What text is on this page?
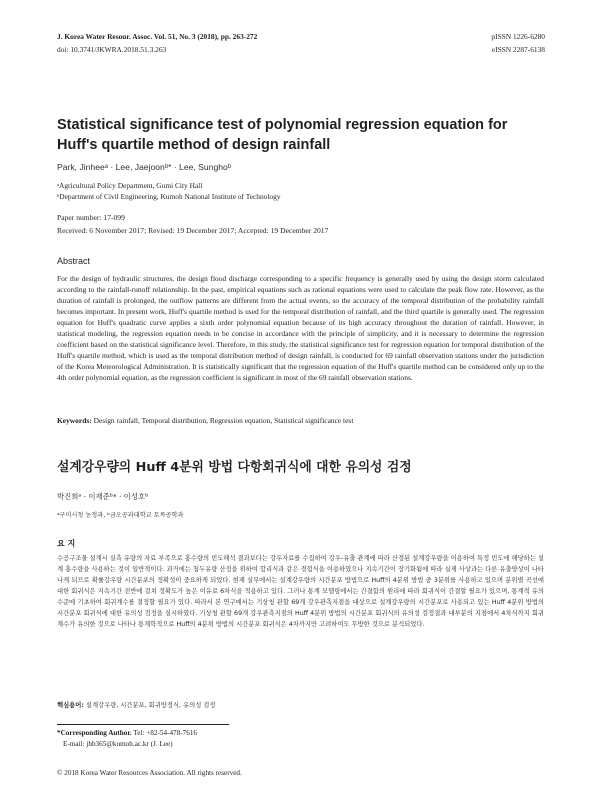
J. Korea Water Resour. Assoc. Vol. 51, No. 3 (2018), pp. 263-272	pISSN 1226-6280
doi: 10.3741/JKWRA.2018.51.3.263	eISSN 2287-6138
Statistical significance test of polynomial regression equation for Huff's quartile method of design rainfall
Park, Jinheeᵃ · Lee, Jaejoonᵇ* · Lee, Sunghoᵇ
ᵃAgricultural Policy Department, Gumi City Hall
ᵇDepartment of Civil Engineering, Kumoh National Institute of Technology
Paper number: 17-099
Received: 6 November 2017; Revised: 19 December 2017; Accepted: 19 December 2017
Abstract
For the design of hydraulic structures, the design flood discharge corresponding to a specific frequency is generally used by using the design storm calculated according to the rainfall-runoff relationship. In the past, empirical equations such as rational equations were used to calculate the peak flow rate. However, as the duration of rainfall is prolonged, the outflow patterns are different from the actual events, so the accuracy of the temporal distribution of the probability rainfall becomes important. In present work, Huff's quartile method is used for the temporal distribution of rainfall, and the third quartile is generally used. The regression equation for Huff's quadratic curve applies a sixth order polynomial equation because of its high accuracy throughout the duration of rainfall. However, in statistical modeling, the regression equation needs to be concise in accordance with the principle of simplicity, and it is necessary to determine the regression coefficient based on the statistical significance level. Therefore, in this study, the statistical significance test for regression equation for temporal distribution of the Huff's quartile method, which is used as the temporal distribution method of design rainfall, is conducted for 69 rainfall observation stations under the jurisdiction of the Korea Meteorological Administration. It is statistically significant that the regression equation of the Huff's quartile method can be considered only up to the 4th order polynomial equation, as the regression coefficient is significant in most of the 69 rainfall observation stations.
Keywords: Design rainfall, Temporal distribution, Regression equation, Statistical significance test
설계강우량의 Huff 4분위 방법 다항회귀식에 대한 유의성 검정
박진희ᵃ · 이재준ᵇ* · 이성호ᵇ
ᵃ구미시청 농정과, ᵇ금오공과대학교 토목공학과
요 지
수공구조물 설계시 실측 유량의 자료 부족으로 홍수량의 빈도해석 결과보다는 강우자료를 수집하여 강우-유출 관계에 따라 산정된 설계강우량을 이용하여 특정 빈도에 해당하는 설계 홍수량을 사용하는 것이 일반적이다. 과거에는 첨두유량 산정을 위하여 합리식과 같은 경험식을 이용하였으나 지속기간이 장기화됨에 따라 실제 사상과는 다른 유출양상이 나타나게 되므로 확률강우량 시간분포의 정확성이 중요하게 되었다. 현재 실무에서는 설계강우량의 시간분포 방법으로 Huff의 4분위 방법 중 3분위를 사용하고 있으며 분위별 곡선에 대한 회귀식은 지속기간 전반에 걸쳐 정확도가 높은 이유로 6차식을 적용하고 있다. 그러나 통계 모델링에서는 간결함의 원리에 따라 회귀식이 간결할 필요가 있으며, 통계적 유의수준에 기초하여 회귀계수를 결정할 필요가 있다. 따라서 본 연구에서는 기상청 관할 69개 강우관측지점을 대상으로 설계강우량의 시간분포로 사용되고 있는 Huff 4분위 방법의 시간분포 회귀식에 대한 유의성 검정을 실시하였다. 기상청 관할 69개 강우관측지점의 Huff 4분위 방법의 시간분포 회귀식의 유의성 검정결과 대부분의 지점에서 4차식까지 회귀계수가 유의한 것으로 나타나 통계학적으로 Huff의 4분위 방법의 시간분포 회귀식은 4차까지만 고려하여도 무방한 것으로 분석되었다.
핵심용어: 설계강우량, 시간분포, 회귀방정식, 유의성 검정
*Corresponding Author. Tel: +82-54-478-7616
E-mail: jhb365@kumoh.ac.kr (J. Lee)
© 2018 Korea Water Resources Association. All rights reserved.
